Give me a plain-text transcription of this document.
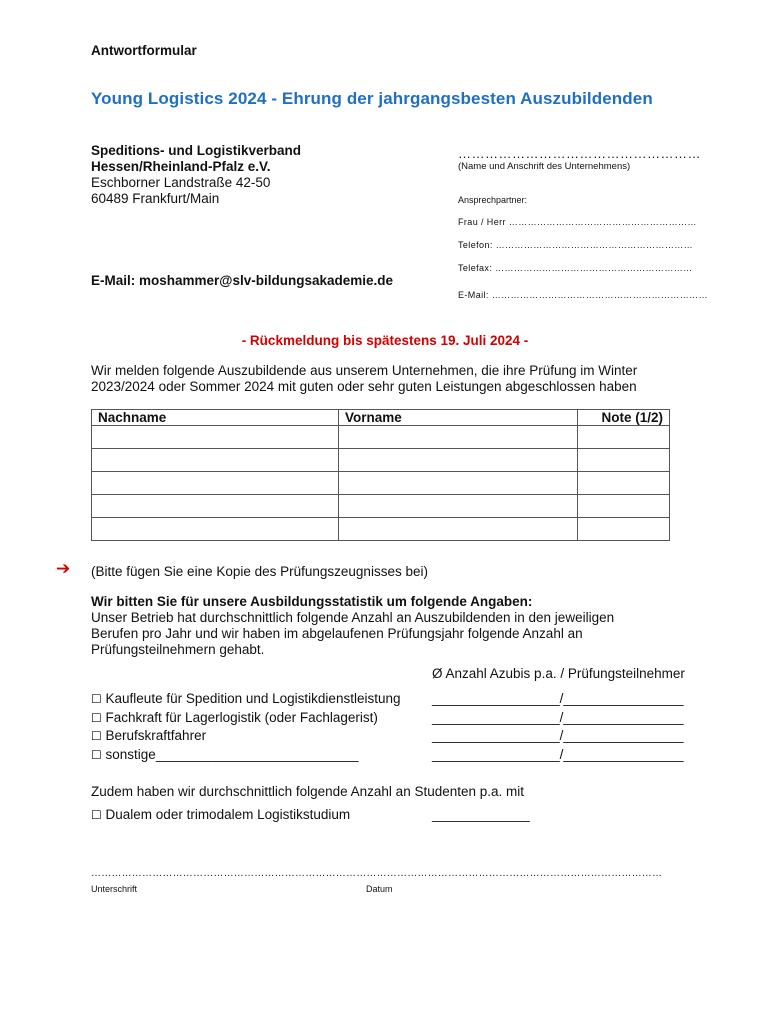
Antwortformular
Young Logistics 2024 - Ehrung der jahrgangsbesten Auszubildenden
Speditions- und Logistikverband
Hessen/Rheinland-Pfalz e.V.
Eschborner Landstraße 42-50
60489 Frankfurt/Main
E-Mail: moshammer@slv-bildungsakademie.de
………………………………………………
(Name und Anschrift des Unternehmens)
Ansprechpartner:
Frau / Herr ……………………………………………………
Telefon: ………………………………………………………
Telefax: ………………………………………………………
E-Mail: ……………………………………………………………
- Rückmeldung bis spätestens 19. Juli 2024 -
Wir melden folgende Auszubildende aus unserem Unternehmen, die ihre Prüfung im Winter 2023/2024 oder Sommer 2024 mit guten oder sehr guten Leistungen abgeschlossen haben
Nachname	Vorname	Note (1/2)

➔ (Bitte fügen Sie eine Kopie des Prüfungszeugnisses bei)
Wir bitten Sie für unsere Ausbildungsstatistik um folgende Angaben:
Unser Betrieb hat durchschnittlich folgende Anzahl an Auszubildenden in den jeweiligen Berufen pro Jahr und wir haben im abgelaufenen Prüfungsjahr folgende Anzahl an Prüfungsteilnehmern gehabt.
Ø Anzahl Azubis p.a. / Prüfungsteilnehmer
☐ Kaufleute für Spedition und Logistikdienstleistung _________________/________________
☐ Fachkraft für Lagerlogistik (oder Fachlagerist)	_________________/________________
☐ Berufskraftfahrer	_________________/________________
☐ sonstige___________________________	_________________/________________
Zudem haben wir durchschnittlich folgende Anzahl an Studenten p.a. mit
☐ Dualem oder trimodalem Logistikstudium	_____________
……………………………………………………………………………………………………………………………………………………
Unterschrift	Datum
